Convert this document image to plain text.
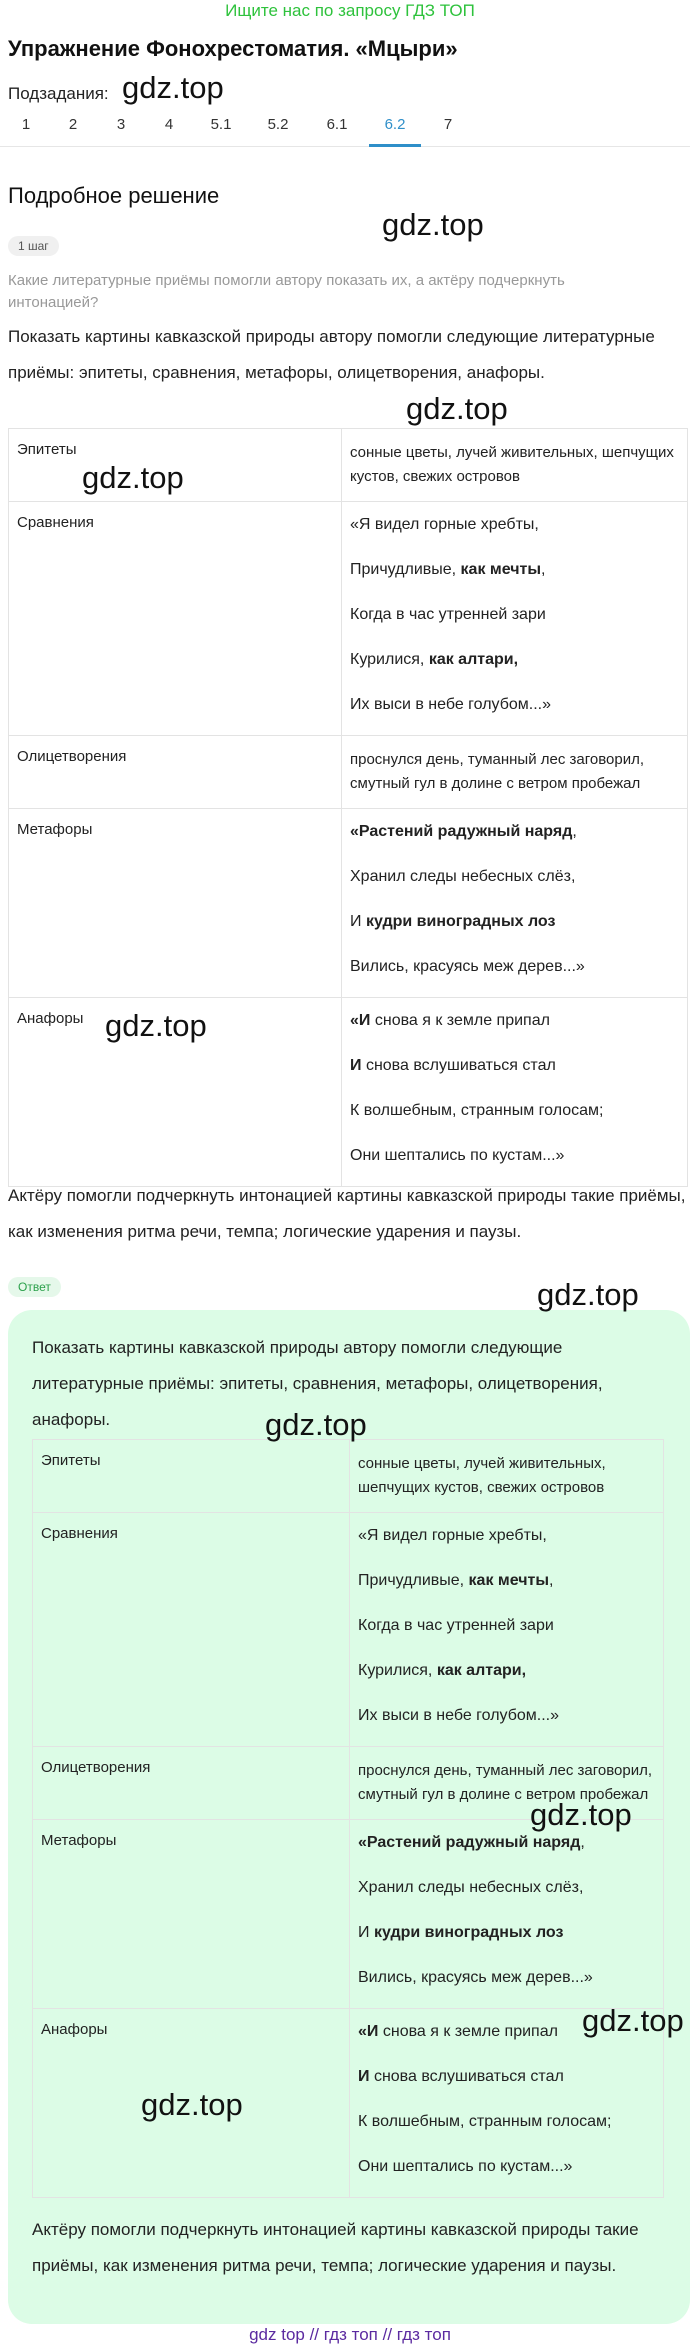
Ищите нас по запросу ГДЗ ТОП
Упражнение Фонохрестоматия. «Мцыри»
Подзадания: gdz.top
1	2	3	4	5.1	5.2	6.1	6.2	7
Подробное решение
gdz.top
1 шаг
Какие литературные приёмы помогли автору показать их, а актёру подчеркнуть интонацией?
Показать картины кавказской природы автору помогли следующие литературные приёмы: эпитеты, сравнения, метафоры, олицетворения, анафоры.
gdz.top
gdz.top
Эпитеты	сонные цветы, лучей живительных, шепчущих кустов, свежих островов
Сравнения	«Я видел горные хребты,
Причудливые, как мечты,
Когда в час утренней зари
Курилися, как алтари,
Их выси в небе голубом...»

Олицетворения	проснулся день, туманный лес заговорил, смутный гул в долине с ветром пробежал
Метафоры	«Растений радужный наряд,
Хранил следы небесных слёз,
И кудри виноградных лоз
Вились, красуясь меж дерев...»

Анафоры	«И снова я к земле припал
И снова вслушиваться стал
К волшебным, странным голосам;
Они шептались по кустам...»
gdz.top
Актёру помогли подчеркнуть интонацией картины кавказской природы такие приёмы, как изменения ритма речи, темпа; логические ударения и паузы.
Ответ	gdz.top
Показать картины кавказской природы автору помогли следующие литературные приёмы: эпитеты, сравнения, метафоры, олицетворения, анафоры.	gdz.top
Эпитеты	сонные цветы, лучей живительных, шепчущих кустов, свежих островов
Сравнения	«Я видел горные хребты,
Причудливые, как мечты,
Когда в час утренней зари
Курилися, как алтари,
Их выси в небе голубом...»

Олицетворения	проснулся день, туманный лес заговорил, смутный гул в долине с ветром пробежал
Метафоры	«Растений радужный наряд,
Хранил следы небесных слёз,
И кудри виноградных лоз
Вились, красуясь меж дерев...»

Анафоры	«И снова я к земле припал
И снова вслушиваться стал
К волшебным, странным голосам;
Они шептались по кустам...»
gdz.top
gdz.top
gdz.top
Актёру помогли подчеркнуть интонацией картины кавказской природы такие приёмы, как изменения ритма речи, темпа; логические ударения и паузы.
gdz top // гдз топ // гдз топ
